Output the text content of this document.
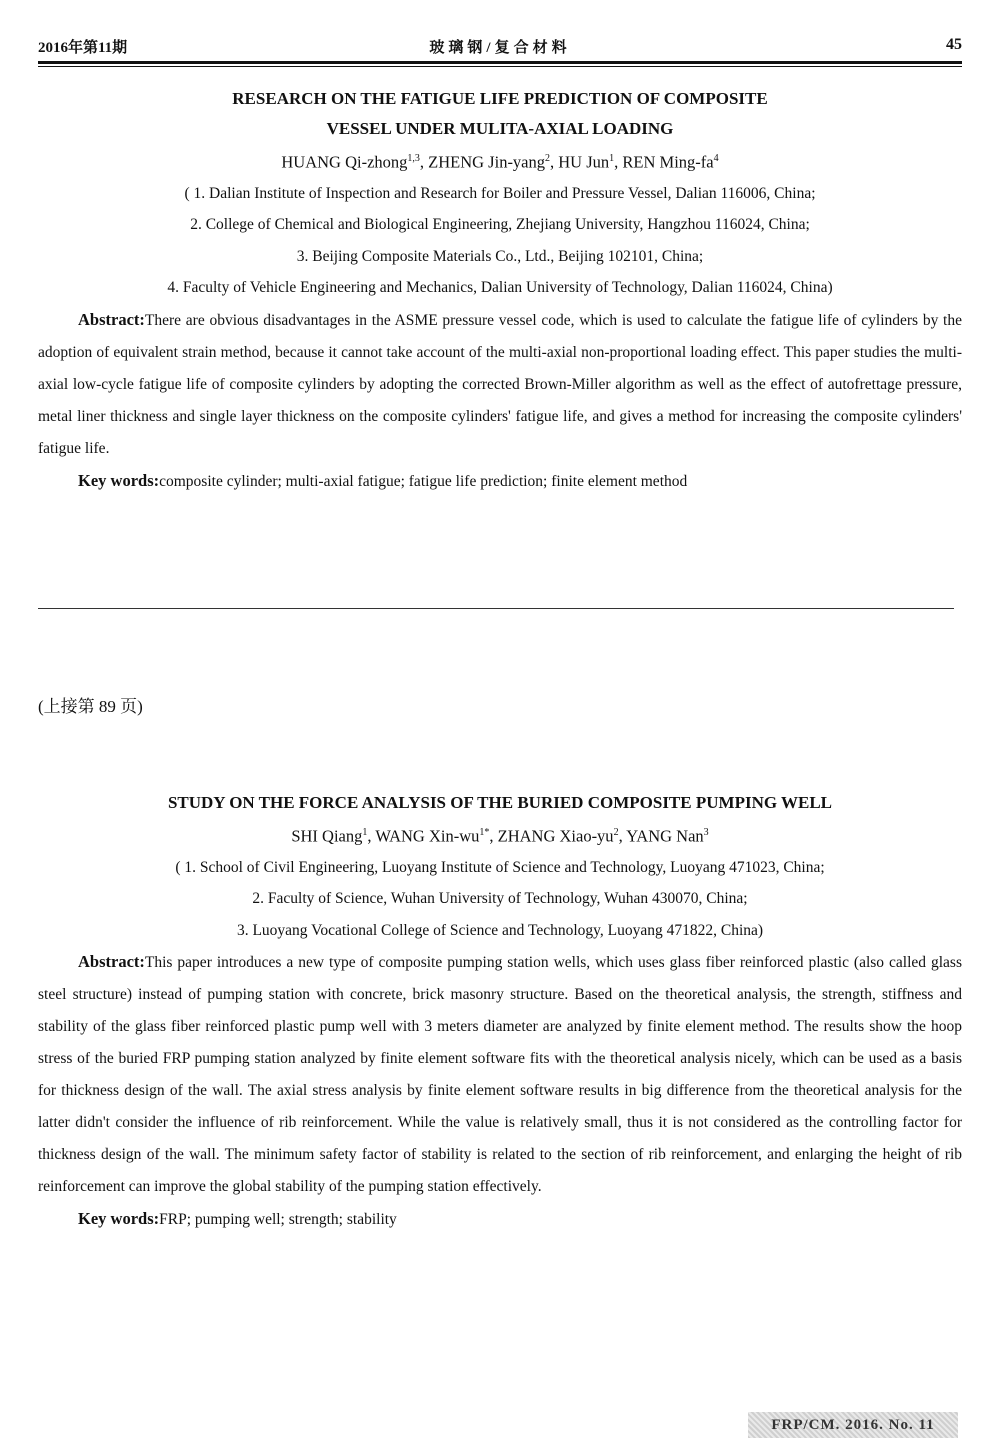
2016年第11期	玻璃钢/复合材料	45
RESEARCH ON THE FATIGUE LIFE PREDICTION OF COMPOSITE
VESSEL UNDER MULITA-AXIAL LOADING
HUANG Qi-zhong$^{1,3}$, ZHENG Jin-yang$^2$, HU Jun$^1$, REN Ming-$fa^4$
( 1. Dalian Institute of Inspection and Research for Boiler and Pressure Vessel, Dalian 116006, China;
2. College of Chemical and Biological Engineering, Zhejiang University, Hangzhou 116024, China;
3. Beijing Composite Materials Co., Ltd., Beijing 102101, China;
4. Faculty of Vehicle Engineering and Mechanics, Dalian University of Technology, Dalian 116024, China)
Abstract:There are obvious disadvantages in the ASME pressure vessel code, which is used to calculate the fatigue life of cylinders by the adoption of equivalent strain method, because it cannot take account of the multi-axial non-proportional loading effect. This paper studies the multi-axial low-cycle fatigue life of composite cylinders by adopting the corrected Brown-Miller algorithm as well as the effect of autofrettage pressure, metal liner thickness and single layer thickness on the composite cylinders' fatigue life, and gives a method for increasing the composite cylinders' fatigue life.
Key words:composite cylinder; multi-axial fatigue; fatigue life prediction; finite element method
(上接第 89 页)
STUDY ON THE FORCE ANALYSIS OF THE BURIED COMPOSITE PUMPING WELL
SHI Qiang$^1$, WANG Xin-$wu^{1*}$, ZHANG Xiao-$yu^2$, YANG Nan$^3$
( 1. School of Civil Engineering, Luoyang Institute of Science and Technology, Luoyang 471023, China;
2. Faculty of Science, Wuhan University of Technology, Wuhan 430070, China;
3. Luoyang Vocational College of Science and Technology, Luoyang 471822, China)
Abstract:This paper introduces a new type of composite pumping station wells, which uses glass fiber reinforced plastic (also called glass steel structure) instead of pumping station with concrete, brick masonry structure. Based on the theoretical analysis, the strength, stiffness and stability of the glass fiber reinforced plastic pump well with 3 meters diameter are analyzed by finite element method. The results show the hoop stress of the buried FRP pumping station analyzed by finite element software fits with the theoretical analysis nicely, which can be used as a basis for thickness design of the wall. The axial stress analysis by finite element software results in big difference from the theoretical analysis for the latter didn't consider the influence of rib reinforcement. While the value is relatively small, thus it is not considered as the controlling factor for thickness design of the wall. The minimum safety factor of stability is related to the section of rib reinforcement, and enlarging the height of rib reinforcement can improve the global stability of the pumping station effectively.
Key words:FRP; pumping well; strength; stability
FRP/CM. 2016. No. 11
